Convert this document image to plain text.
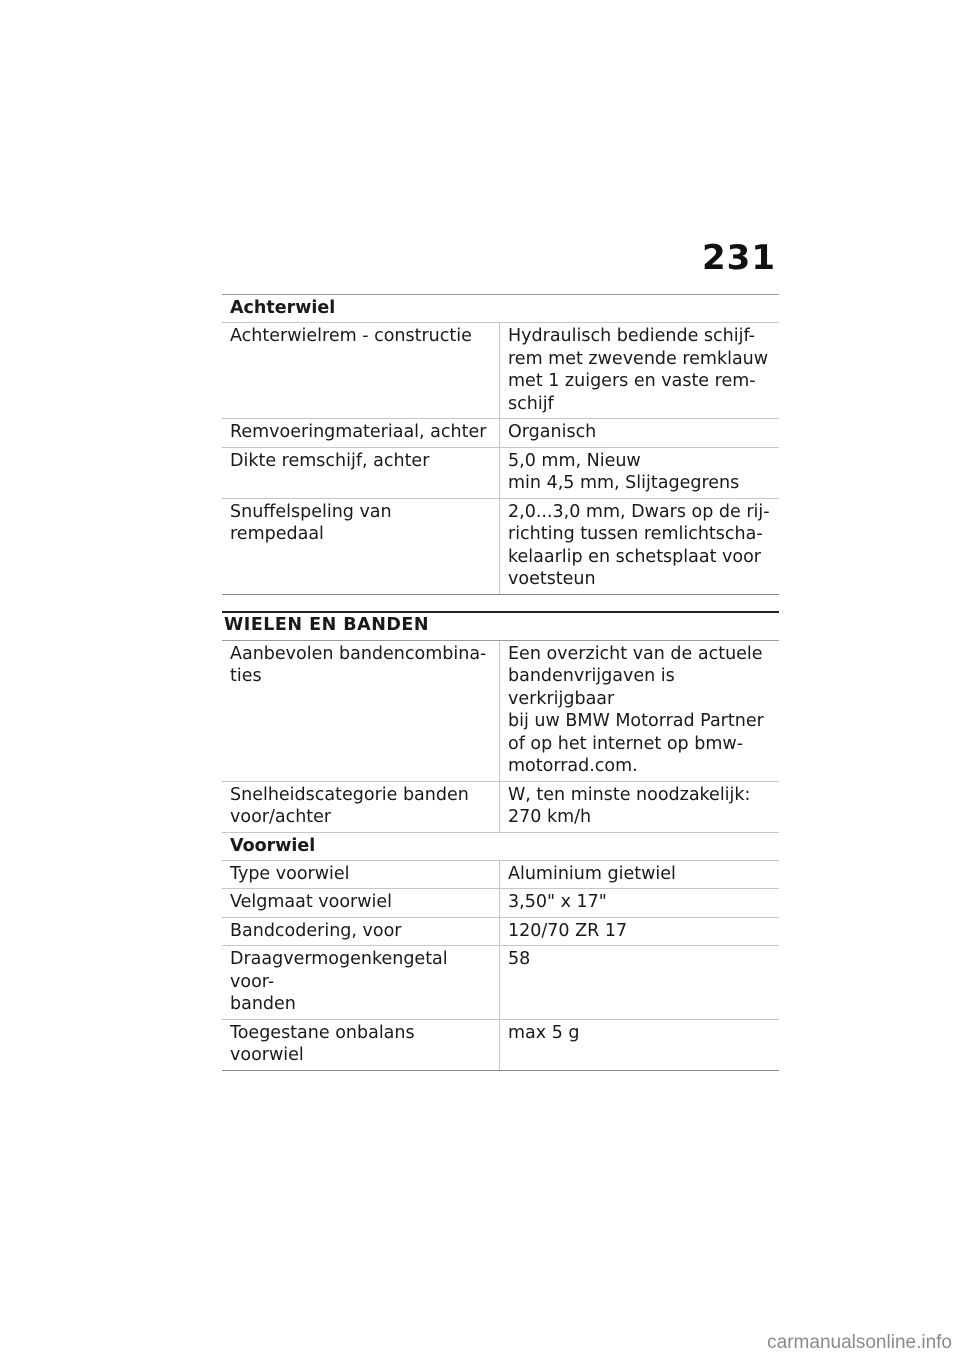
231
Achterwiel
Achterwielrem - constructie	Hydraulisch bediende schijf-
rem met zwevende remklauw
met 1 zuigers en vaste rem-
schijf

Remvoeringmateriaal, achter	Organisch

Dikte remschijf, achter	5,0 mm, Nieuw
min 4,5 mm, Slijtagegrens

Snuffelspeling van rempedaal	2,0...3,0 mm, Dwars op de rij-
richting tussen remlichtscha-
kelaarlip en schetsplaat voor
voetsteun
WIELEN EN BANDEN
Aanbevolen bandencombina-
ties	Een overzicht van de actuele
bandenvrijgaven is verkrijgbaar
bij uw BMW Motorrad Partner
of op het internet op bmw-
motorrad.com.

Snelheidscategorie banden
voor/achter	W, ten minste noodzakelijk:
270 km/h
Voorwiel
Type voorwiel	Aluminium gietwiel

Velgmaat voorwiel	3,50" x 17"

Bandcodering, voor	120/70 ZR 17

Draagvermogenkengetal voor-
banden	58

Toegestane onbalans voorwiel	max 5 g
carmanualsonline.info
